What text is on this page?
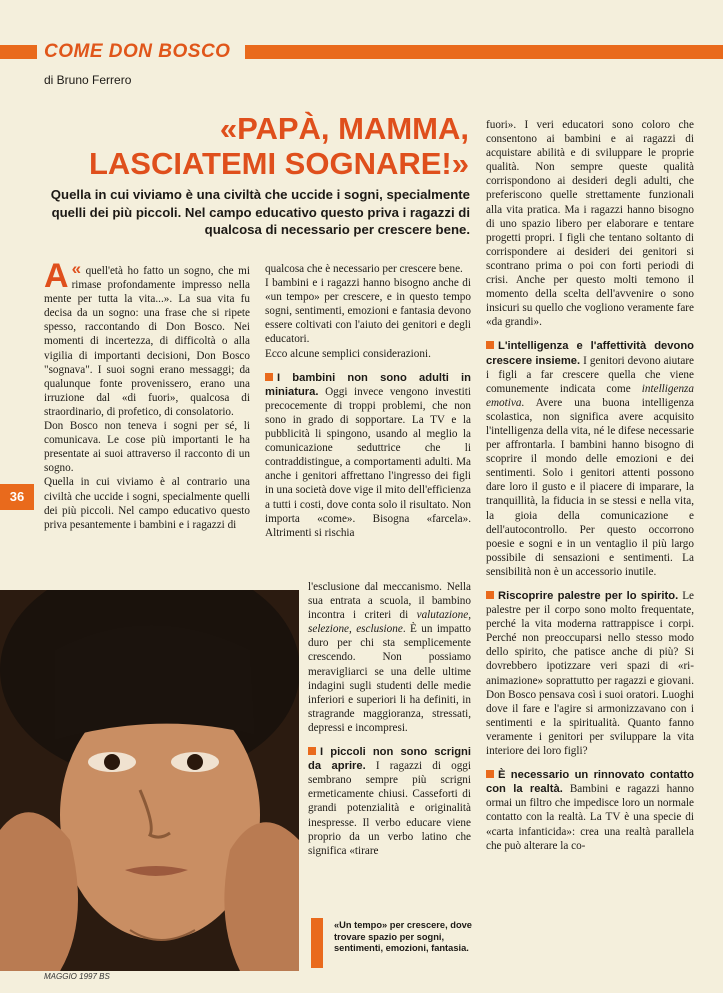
COME DON BOSCO
di Bruno Ferrero
«PAPÀ, MAMMA,
LASCIATEMI SOGNARE!»
Quella in cui viviamo è una civiltà che uccide i sogni, specialmente quelli dei più piccoli. Nel campo educativo questo priva i ragazzi di qualcosa di necessario per crescere bene.

«
A quell'età ho fatto un sogno, che mi rimase profondamente impresso nella mente per tutta la vita...». La sua vita fu decisa da un sogno: una frase che si ripete spesso, raccontando di Don Bosco. Nei momenti di incertezza, di difficoltà o alla vigilia di importanti decisioni, Don Bosco "sognava". I suoi sogni erano messaggi; da qualunque fonte provenissero, erano una irruzione dal «di fuori», qualcosa di straordinario, di profetico, di consolatorio.

Don Bosco non teneva i sogni per sé, li comunicava. Le cose più importanti le ha presentate ai suoi attraverso il racconto di un sogno.

Quella in cui viviamo è al contrario una civiltà che uccide i sogni, specialmente quelli dei più piccoli. Nel campo educativo questo priva pesantemente i bambini e i ragazzi di

36

qualcosa che è necessario per crescere bene.

I bambini e i ragazzi hanno bisogno anche di «un tempo» per crescere, e in questo tempo sogni, sentimenti, emozioni e fantasia devono essere coltivati con l'aiuto dei genitori e degli educatori.

Ecco alcune semplici considerazioni.

I bambini non sono adulti in miniatura. Oggi invece vengono investiti precocemente di troppi problemi, che non sono in grado di sopportare. La TV e la pubblicità li spingono, usando al meglio la comunicazione seduttrice che li contraddistingue, a comportamenti adulti. Ma anche i genitori affrettano l'ingresso dei figli in una società dove vige il mito dell'efficienza a tutti i costi, dove conta solo il risultato. Non importa «come». Bisogna «farcela». Altrimenti si rischia

l'esclusione dal meccanismo. Nella sua entrata a scuola, il bambino incontra i criteri di valutazione, selezione, esclusione. È un impatto duro per chi sta semplicemente crescendo. Non possiamo meravigliarci se una delle ultime indagini sugli studenti delle medie inferiori e superiori li ha definiti, in stragrande maggioranza, stressati, depressi e incompresi.

I piccoli non sono scrigni da aprire. I ragazzi di oggi sembrano sempre più scrigni ermeticamente chiusi. Casseforti di grandi potenzialità e originalità inespresse. Il verbo educare viene proprio da un verbo latino che significa «tirare

fuori». I veri educatori sono coloro che consentono ai bambini e ai ragazzi di acquistare abilità e di sviluppare le proprie qualità. Non sempre queste qualità corrispondono ai desideri degli adulti, che preferiscono quelle strettamente funzionali alla vita pratica. Ma i ragazzi hanno bisogno di uno spazio libero per elaborare e tentare progetti propri. I figli che tentano soltanto di corrispondere ai desideri dei genitori si scontrano prima o poi con forti periodi di crisi. Anche per questo molti temono il momento della scelta dell'avvenire o sono insicuri su quello che vogliono veramente fare «da grandi».

L'intelligenza e l'affettività devono crescere insieme. I genitori devono aiutare i figli a far crescere quella che viene comunemente indicata come intelligenza emotiva. Avere una buona intelligenza scolastica, non significa avere acquisito l'intelligenza della vita, né le difese necessarie per affrontarla. I bambini hanno bisogno di scoprire il mondo delle emozioni e dei sentimenti. Solo i genitori attenti possono dare loro il gusto e il piacere di imparare, la tranquillità, la fiducia in se stessi e nella vita, la gioia della comunicazione e dell'autocontrollo. Per questo occorrono poesie e sogni e in un ventaglio il più largo possibile di sensazioni e sentimenti. La sensibilità non è un accessorio inutile.

Riscoprire palestre per lo spirito. Le palestre per il corpo sono molto frequentate, perché la vita moderna rattrappisce i corpi. Perché non preoccuparsi nello stesso modo dello spirito, che patisce anche di più? Si dovrebbero ipotizzare veri spazi di «ri-animazione» soprattutto per ragazzi e giovani. Don Bosco pensava così i suoi oratori. Luoghi dove il fare e l'agire si armonizzavano con i sentimenti e la spiritualità. Quanto fanno veramente i genitori per sviluppare la vita interiore dei loro figli?

È necessario un rinnovato contatto con la realtà. Bambini e ragazzi hanno ormai un filtro che impedisce loro un normale contatto con la realtà. La TV è una specie di «carta infanticida»: crea una realtà parallela che può alterare la co-

«Un tempo» per crescere, dove trovare spazio per sogni, sentimenti, emozioni, fantasia.
MAGGIO 1997 BS
